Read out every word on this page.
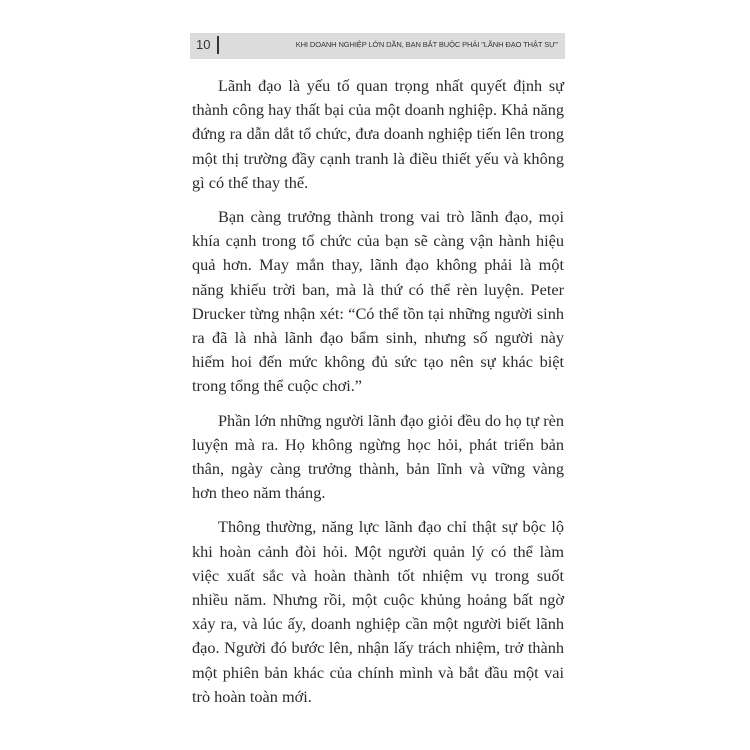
10	KHI DOANH NGHIỆP LỚN DẦN, BẠN BẮT BUỘC PHẢI "LÃNH ĐẠO THẬT SỰ"

Lãnh đạo là yếu tố quan trọng nhất quyết định sự thành công hay thất bại của một doanh nghiệp. Khả năng đứng ra dẫn dắt tổ chức, đưa doanh nghiệp tiến lên trong một thị trường đầy cạnh tranh là điều thiết yếu và không gì có thể thay thế.

Bạn càng trưởng thành trong vai trò lãnh đạo, mọi khía cạnh trong tổ chức của bạn sẽ càng vận hành hiệu quả hơn. May mắn thay, lãnh đạo không phải là một năng khiếu trời ban, mà là thứ có thể rèn luyện. Peter Drucker từng nhận xét: “Có thể tồn tại những người sinh ra đã là nhà lãnh đạo bẩm sinh, nhưng số người này hiếm hoi đến mức không đủ sức tạo nên sự khác biệt trong tổng thể cuộc chơi.”

Phần lớn những người lãnh đạo giỏi đều do họ tự rèn luyện mà ra. Họ không ngừng học hỏi, phát triển bản thân, ngày càng trưởng thành, bản lĩnh và vững vàng hơn theo năm tháng.

Thông thường, năng lực lãnh đạo chỉ thật sự bộc lộ khi hoàn cảnh đòi hỏi. Một người quản lý có thể làm việc xuất sắc và hoàn thành tốt nhiệm vụ trong suốt nhiều năm. Nhưng rồi, một cuộc khủng hoảng bất ngờ xảy ra, và lúc ấy, doanh nghiệp cần một người biết lãnh đạo. Người đó bước lên, nhận lấy trách nhiệm, trở thành một phiên bản khác của chính mình và bắt đầu một vai trò hoàn toàn mới.
